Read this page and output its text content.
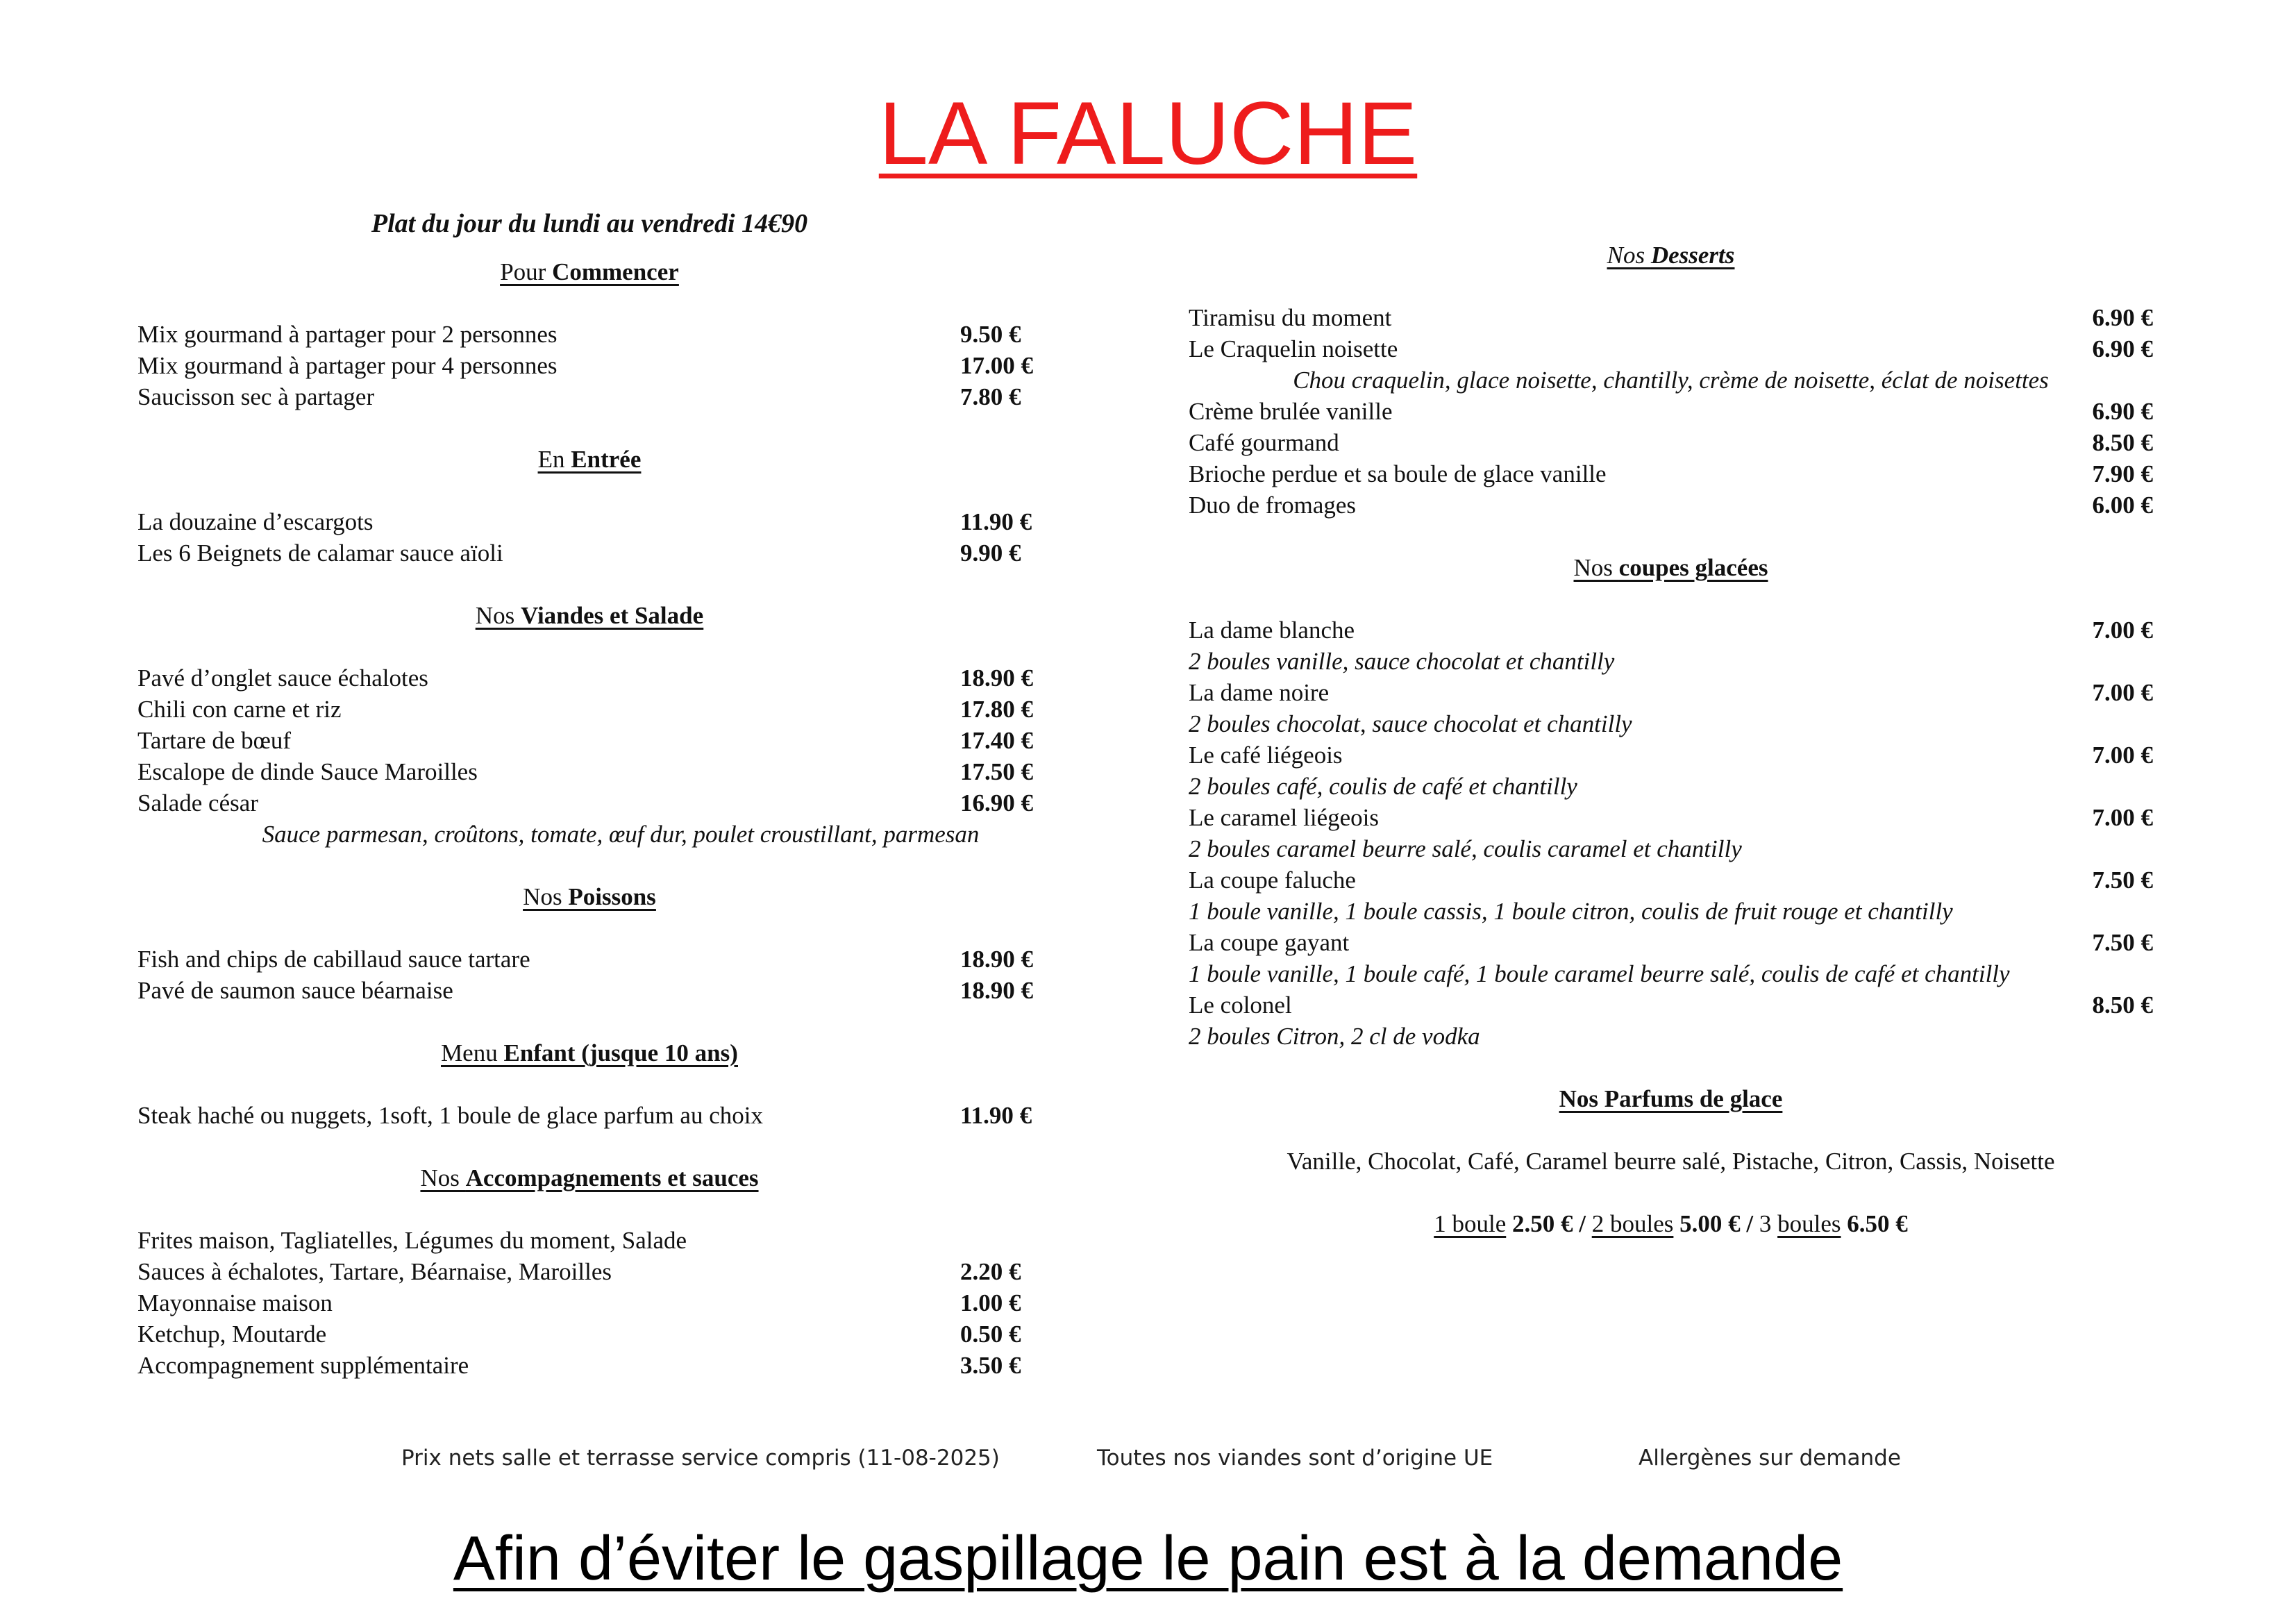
LA FALUCHE
Plat du jour du lundi au vendredi 14€90
Pour Commencer
Mix gourmand à partager pour 2 personnes	9.50 €
Mix gourmand à partager pour 4 personnes	17.00 €
Saucisson sec à partager	7.80 €
En Entrée
La douzaine d’escargots	11.90 €
Les 6 Beignets de calamar sauce aïoli	9.90 €
Nos Viandes et Salade
Pavé d’onglet sauce échalotes	18.90 €
Chili con carne et riz	17.80 €
Tartare de bœuf	17.40 €
Escalope de dinde Sauce Maroilles	17.50 €
Salade césar	16.90 €
Sauce parmesan, croûtons, tomate, œuf dur, poulet croustillant, parmesan
Nos Poissons
Fish and chips de cabillaud sauce tartare	18.90 €
Pavé de saumon sauce béarnaise	18.90 €
Menu Enfant (jusque 10 ans)
Steak haché ou nuggets, 1soft, 1 boule de glace parfum au choix	11.90 €
Nos Accompagnements et sauces
Frites maison, Tagliatelles, Légumes du moment, Salade
Sauces à échalotes, Tartare, Béarnaise, Maroilles	2.20 €
Mayonnaise maison	1.00 €
Ketchup, Moutarde	0.50 €
Accompagnement supplémentaire	3.50 €
Nos Desserts
Tiramisu du moment	6.90 €
Le Craquelin noisette	6.90 €
Chou craquelin, glace noisette, chantilly, crème de noisette, éclat de noisettes
Crème brulée vanille	6.90 €
Café gourmand	8.50 €
Brioche perdue et sa boule de glace vanille	7.90 €
Duo de fromages	6.00 €
Nos coupes glacées
La dame blanche	7.00 €
2 boules vanille, sauce chocolat et chantilly
La dame noire	7.00 €
2 boules chocolat, sauce chocolat et chantilly
Le café liégeois	7.00 €
2 boules café, coulis de café et chantilly
Le caramel liégeois	7.00 €
2 boules caramel beurre salé, coulis caramel et chantilly
La coupe faluche	7.50 €
1 boule vanille, 1 boule cassis, 1 boule citron, coulis de fruit rouge et chantilly
La coupe gayant	7.50 €
1 boule vanille, 1 boule café, 1 boule caramel beurre salé, coulis de café et chantilly
Le colonel	8.50 €
2 boules Citron, 2 cl de vodka
Nos Parfums de glace
Vanille, Chocolat, Café, Caramel beurre salé, Pistache, Citron, Cassis, Noisette
1 boule 2.50 € / 2 boules 5.00 € / 3 boules 6.50 €
Prix nets salle et terrasse service compris (11-08-2025)	Toutes nos viandes sont d’origine UE	Allergènes sur demande
Afin d’éviter le gaspillage le pain est à la demande
